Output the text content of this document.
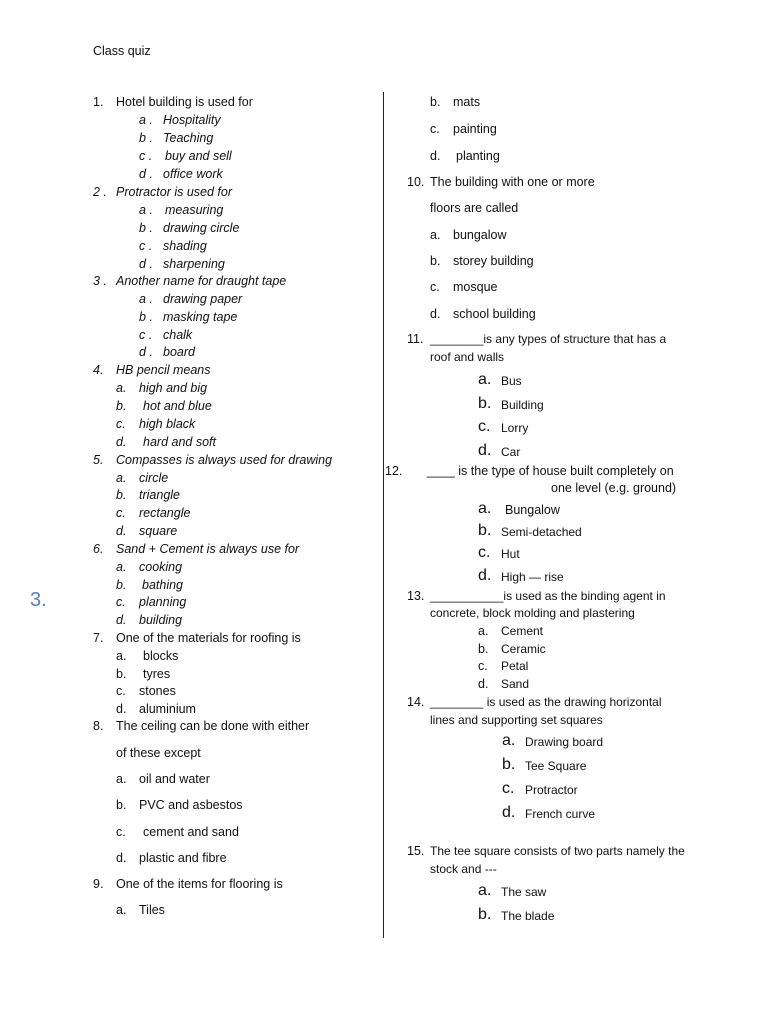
Class quiz
3.
1. Hotel building is used for
a . Hospitality
b . Teaching
c . buy and sell
d . office work
2 . Protractor is used for
a . measuring
b . drawing circle
c . shading
d . sharpening
3 . Another name for draught tape
a . drawing paper
b . masking tape
c . chalk
d . board
4. HB pencil means
a. high and big
b. hot and blue
c. high black
d. hard and soft
5. Compasses is always used for drawing
a. circle
b. triangle
c. rectangle
d. square
6. Sand + Cement is always use for
a. cooking
b. bathing
c. planning
d. building
7. One of the materials for roofing is
a. blocks
b. tyres
c. stones
d. aluminium
8. The ceiling can be done with either
of these except
a. oil and water
b. PVC and asbestos
c. cement and sand
d. plastic and fibre
9. One of the items for flooring is
a. Tiles
b. mats
c. painting
d. planting
10. The building with one or more
floors are called
a. bungalow
b. storey building
c. mosque
d. school building
11. ________is any types of structure that has a
roof and walls
a. Bus
b. Building
c. Lorry
d. Car
12. ____ is the type of house built completely on
one level (e.g. ground)
a. Bungalow
b. Semi-detached
c. Hut
d. High — rise
13. ___________is used as the binding agent in
concrete, block molding and plastering
a. Cement
b. Ceramic
c. Petal
d. Sand
14. ________ is used as the drawing horizontal
lines and supporting set squares
a. Drawing board
b. Tee Square
c. Protractor
d. French curve
15. The tee square consists of two parts namely the
stock and ---
a. The saw
b. The blade
